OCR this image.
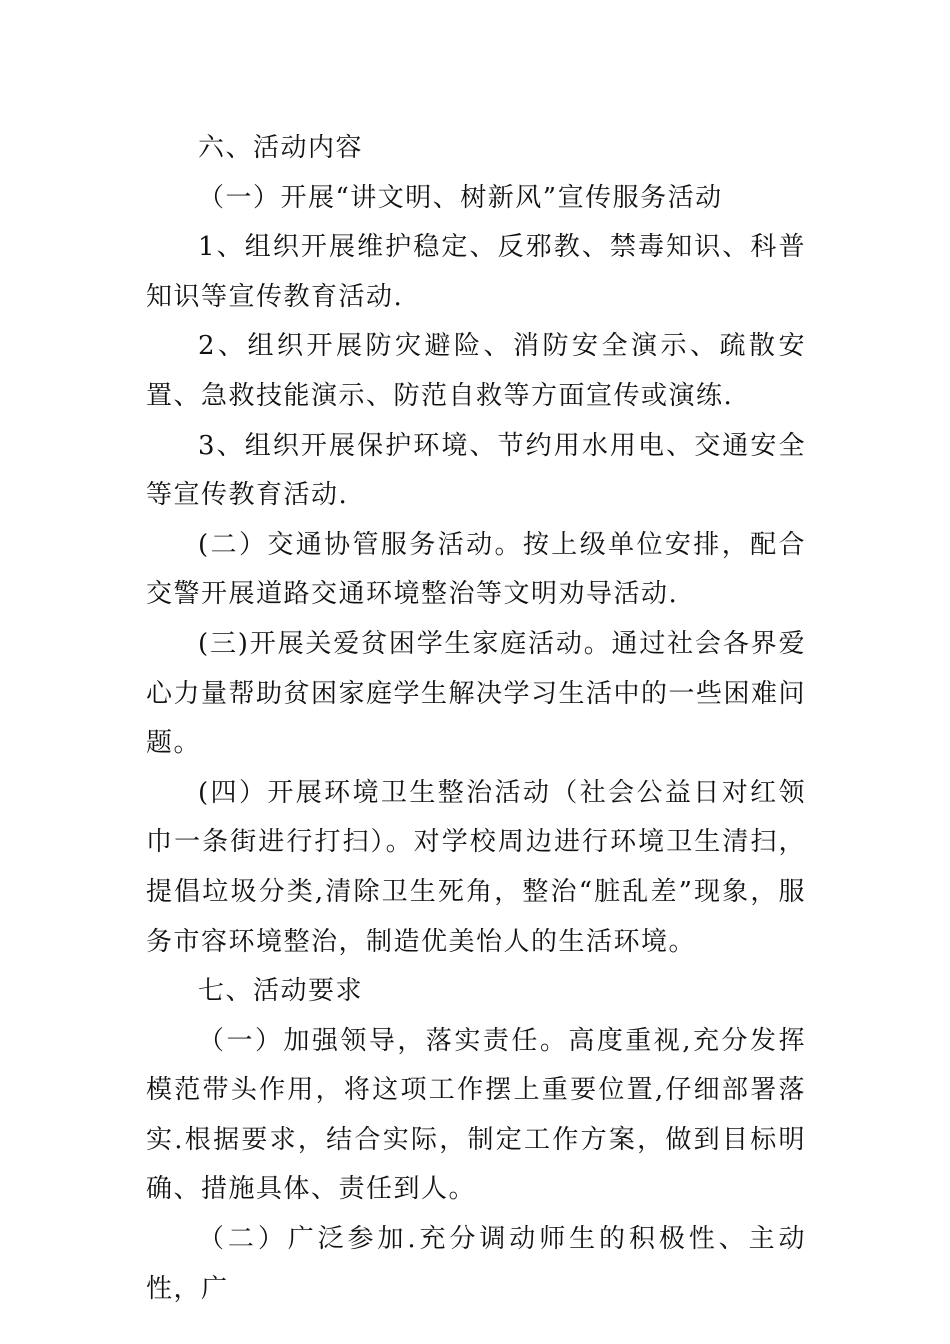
六、活动内容

（一）开展“讲文明、树新风”宣传服务活动

1、组织开展维护稳定、反邪教、禁毒知识、科普知识等宣传教育活动.

2、组织开展防灾避险、消防安全演示、疏散安置、急救技能演示、防范自救等方面宣传或演练.

3、组织开展保护环境、节约用水用电、交通安全等宣传教育活动.

(二）交通协管服务活动。按上级单位安排，配合交警开展道路交通环境整治等文明劝导活动.

(三)开展关爱贫困学生家庭活动。通过社会各界爱心力量帮助贫困家庭学生解决学习生活中的一些困难问题。

(四）开展环境卫生整治活动（社会公益日对红领巾一条街进行打扫）。对学校周边进行环境卫生清扫，提倡垃圾分类,清除卫生死角，整治“脏乱差”现象，服务市容环境整治，制造优美怡人的生活环境。

七、活动要求

（一）加强领导，落实责任。高度重视,充分发挥模范带头作用，将这项工作摆上重要位置,仔细部署落实.根据要求，结合实际，制定工作方案，做到目标明确、措施具体、责任到人。

（二）广泛参加.充分调动师生的积极性、主动性，广
